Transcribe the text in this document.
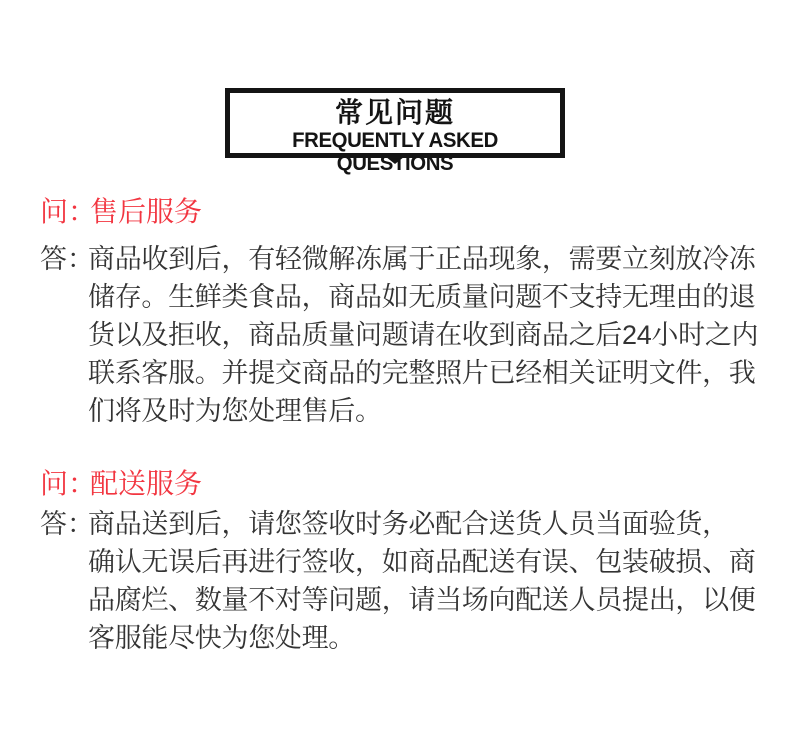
常见问题
FREQUENTLY ASKED QUESTIONS
问：售后服务
答：
商品收到后，有轻微解冻属于正品现象，需要立刻放冷冻
储存。生鲜类食品，商品如无质量问题不支持无理由的退
货以及拒收，商品质量问题请在收到商品之后24小时之内
联系客服。并提交商品的完整照片已经相关证明文件，我
们将及时为您处理售后。
问：配送服务
答：
商品送到后，请您签收时务必配合送货人员当面验货，
确认无误后再进行签收，如商品配送有误、包装破损、商
品腐烂、数量不对等问题，请当场向配送人员提出，以便
客服能尽快为您处理。
